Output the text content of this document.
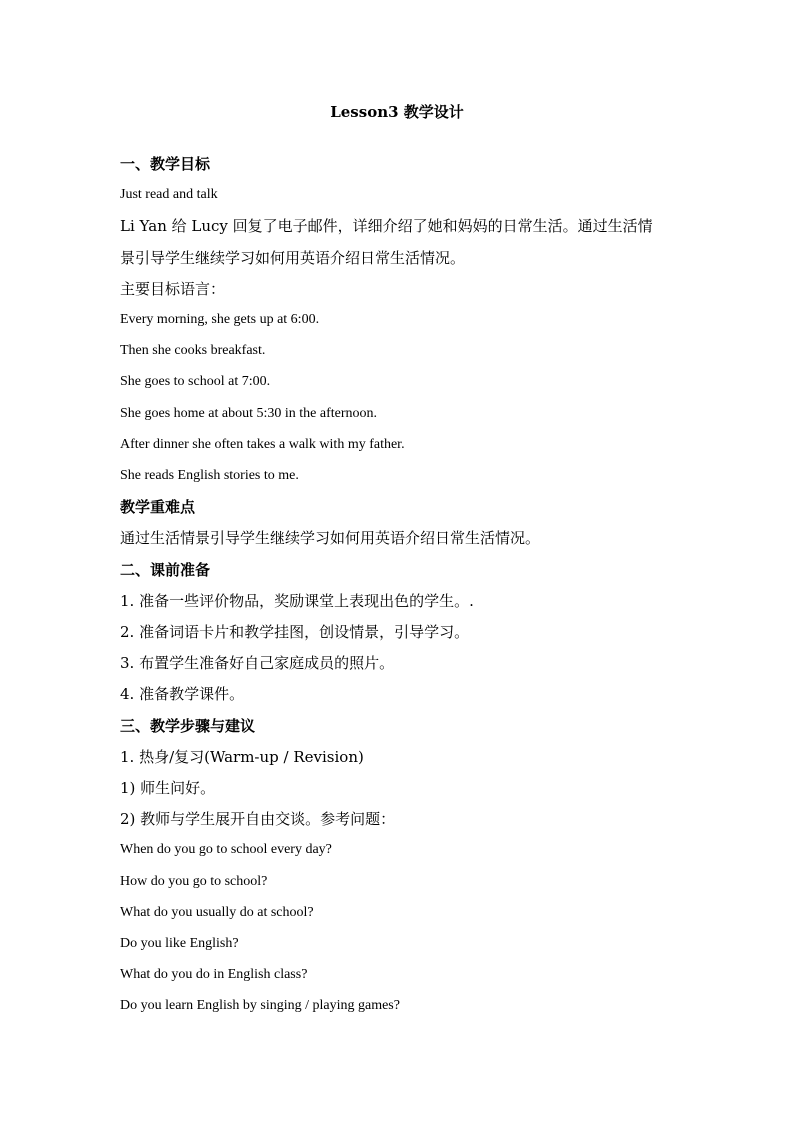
Lesson3 教学设计
一、教学目标
Just read and talk
Li Yan 给 Lucy 回复了电子邮件，详细介绍了她和妈妈的日常生活。通过生活情
景引导学生继续学习如何用英语介绍日常生活情况。
主要目标语言：
Every morning, she gets up at 6:00.
Then she cooks breakfast.
She goes to school at 7:00.
She goes home at about 5:30 in the afternoon.
After dinner she often takes a walk with my father.
She reads English stories to me.
教学重难点
通过生活情景引导学生继续学习如何用英语介绍日常生活情况。
二、课前准备
1. 准备一些评价物品，奖励课堂上表现出色的学生。.
2. 准备词语卡片和教学挂图，创设情景，引导学习。
3. 布置学生准备好自己家庭成员的照片。
4. 准备教学课件。
三、教学步骤与建议
1. 热身/复习(Warm-up / Revision)
1) 师生问好。
2) 教师与学生展开自由交谈。参考问题：
When do you go to school every day?
How do you go to school?
What do you usually do at school?
Do you like English?
What do you do in English class?
Do you learn English by singing / playing games?
